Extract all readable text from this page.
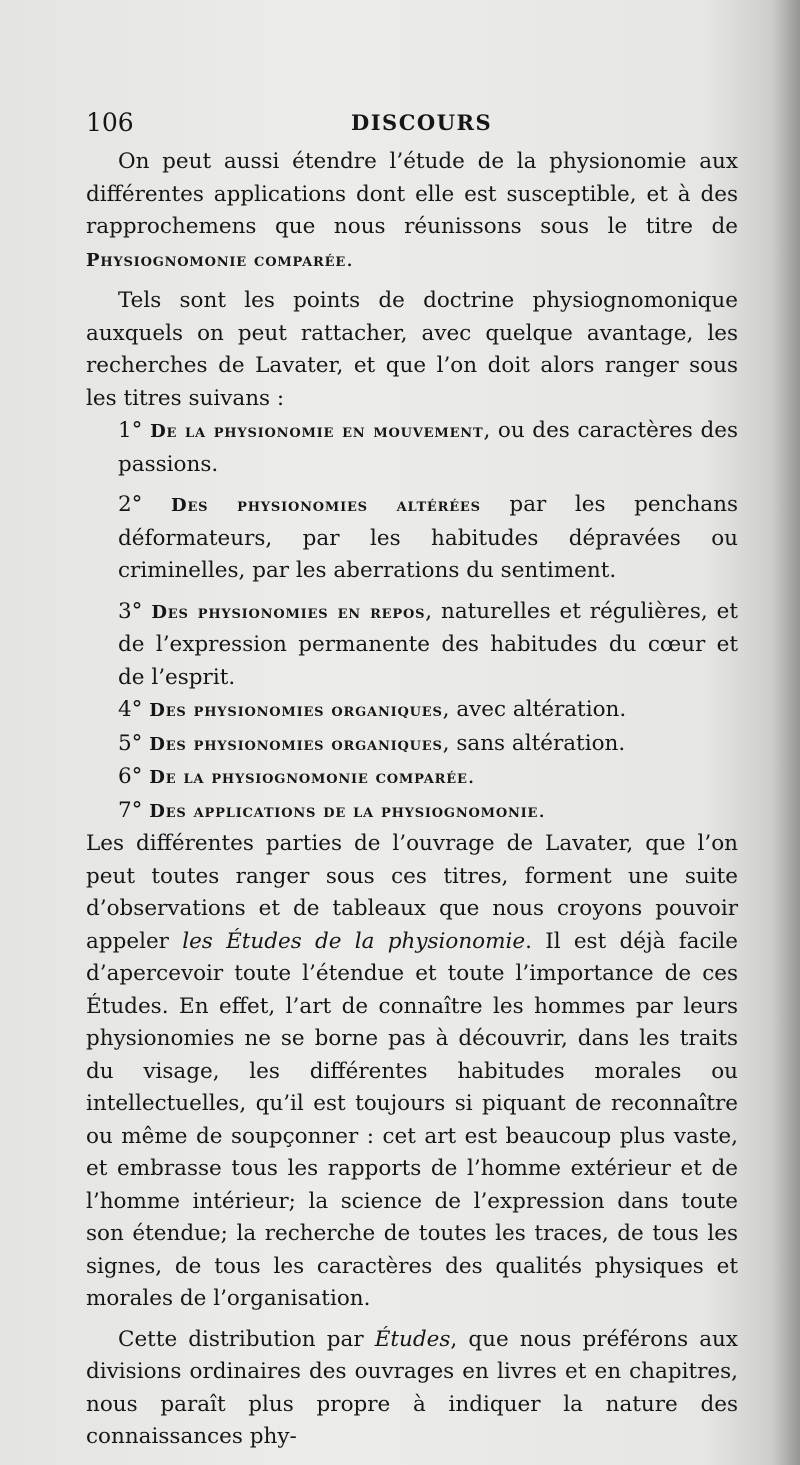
106	DISCOURS

On peut aussi étendre l’étude de la physionomie aux différentes applications dont elle est susceptible, et à des rapprochemens que nous réunissons sous le titre de Physiognomonie comparée.

Tels sont les points de doctrine physiognomonique auxquels on peut rattacher, avec quelque avantage, les recherches de Lavater, et que l’on doit alors ranger sous les titres suivans :

1° De la physionomie en mouvement, ou des caractères des passions.

2° Des physionomies altérées par les penchans déformateurs, par les habitudes dépravées ou criminelles, par les aberrations du sentiment.

3° Des physionomies en repos, naturelles et régulières, et de l’expression permanente des habitudes du cœur et de l’esprit.

4° Des physionomies organiques, avec altération.

5° Des physionomies organiques, sans altération.

6° De la physiognomonie comparée.

7° Des applications de la physiognomonie.

Les différentes parties de l’ouvrage de Lavater, que l’on peut toutes ranger sous ces titres, forment une suite d’observations et de tableaux que nous croyons pouvoir appeler les Études de la physionomie. Il est déjà facile d’apercevoir toute l’étendue et toute l’importance de ces Études. En effet, l’art de connaître les hommes par leurs physionomies ne se borne pas à découvrir, dans les traits du visage, les différentes habitudes morales ou intellectuelles, qu’il est toujours si piquant de reconnaître ou même de soupçonner : cet art est beaucoup plus vaste, et embrasse tous les rapports de l’homme extérieur et de l’homme intérieur; la science de l’expression dans toute son étendue; la recherche de toutes les traces, de tous les signes, de tous les caractères des qualités physiques et morales de l’organisation.

Cette distribution par Études, que nous préférons aux divisions ordinaires des ouvrages en livres et en chapitres, nous paraît plus propre à indiquer la nature des connaissances phy-
